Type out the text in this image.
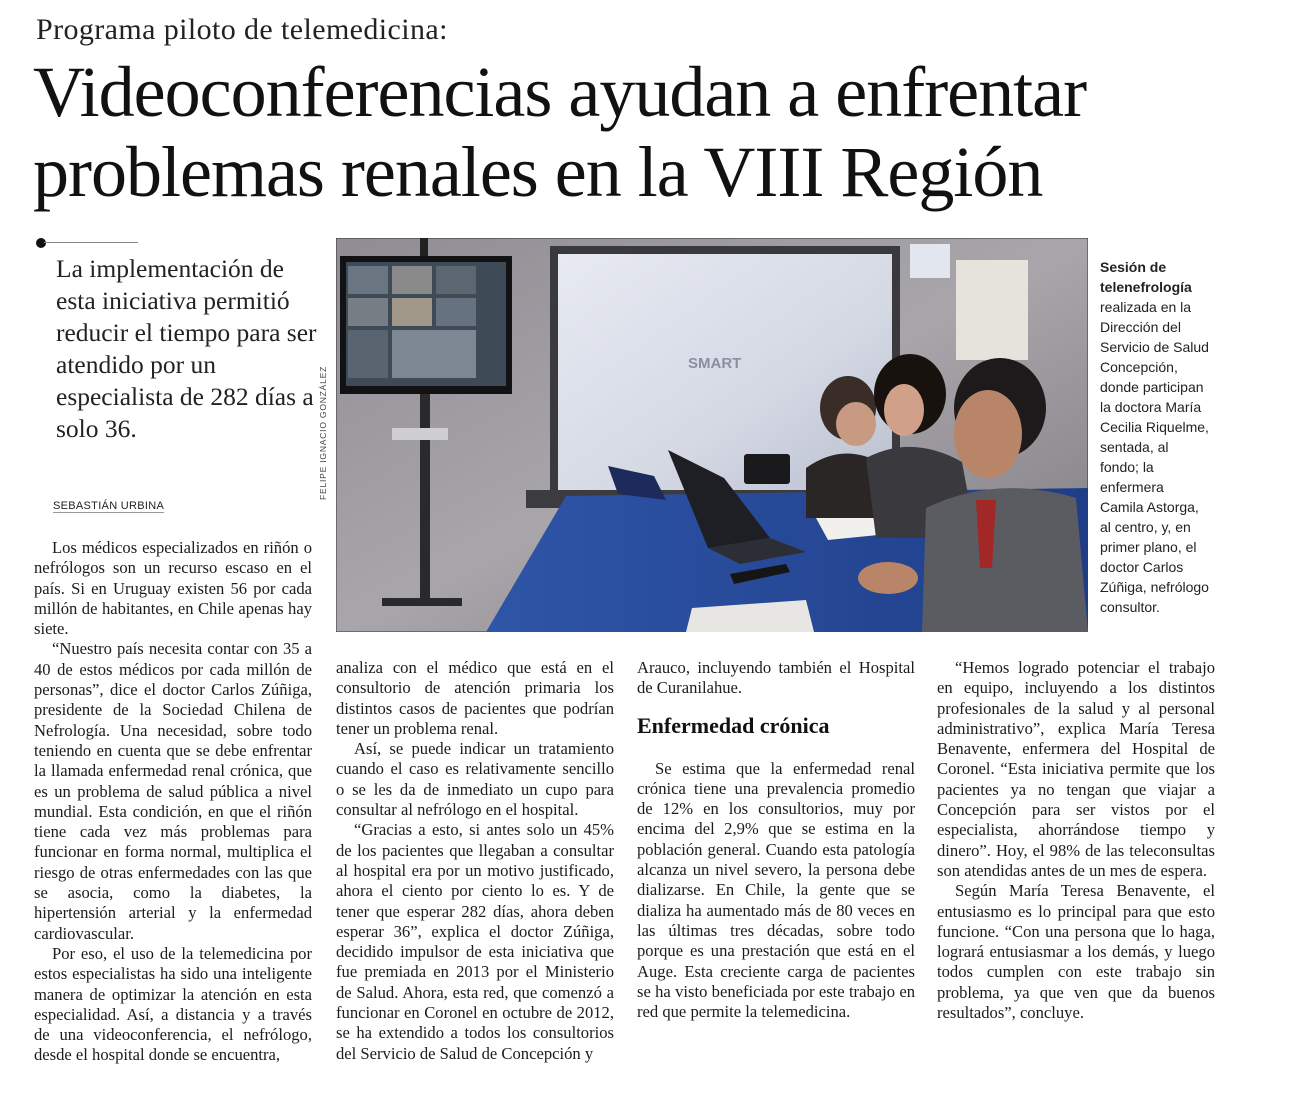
Programa piloto de telemedicina:
Videoconferencias ayudan a enfrentar
problemas renales en la VIII Región
La implementación de esta iniciativa permitió reducir el tiempo para ser atendido por un especialista de 282 días a solo 36.
SEBASTIÁN URBINA
FELIPE IGNACIO GONZÁLEZ
SMART
Sesión de telenefrología realizada en la Dirección del Servicio de Salud Concepción, donde participan la doctora María Cecilia Riquelme, sentada, al fondo; la enfermera Camila Astorga, al centro, y, en primer plano, el doctor Carlos Zúñiga, nefrólogo consultor.

Los médicos especializados en riñón o nefrólogos son un recurso escaso en el país. Si en Uruguay existen 56 por cada millón de habitantes, en Chile apenas hay siete.

“Nuestro país necesita contar con 35 a 40 de estos médicos por cada millón de personas”, dice el doctor Carlos Zúñiga, presidente de la Sociedad Chilena de Nefrología. Una necesidad, sobre todo teniendo en cuenta que se debe enfrentar la llamada enfermedad renal crónica, que es un problema de salud pública a nivel mundial. Esta condición, en que el riñón tiene cada vez más problemas para funcionar en forma normal, multiplica el riesgo de otras enfermedades con las que se asocia, como la diabetes, la hipertensión arterial y la enfermedad cardiovascular.

Por eso, el uso de la telemedicina por estos especialistas ha sido una inteligente manera de optimizar la atención en esta especialidad. Así, a distancia y a través de una videoconferencia, el nefrólogo, desde el hospital donde se encuentra,

analiza con el médico que está en el consultorio de atención primaria los distintos casos de pacientes que podrían tener un problema renal.

Así, se puede indicar un tratamiento cuando el caso es relativamente sencillo o se les da de inmediato un cupo para consultar al nefrólogo en el hospital.

“Gracias a esto, si antes solo un 45% de los pacientes que llegaban a consultar al hospital era por un motivo justificado, ahora el ciento por ciento lo es. Y de tener que esperar 282 días, ahora deben esperar 36”, explica el doctor Zúñiga, decidido impulsor de esta iniciativa que fue premiada en 2013 por el Ministerio de Salud. Ahora, esta red, que comenzó a funcionar en Coronel en octubre de 2012, se ha extendido a todos los consultorios del Servicio de Salud de Concepción y

Arauco, incluyendo también el Hospital de Curanilahue.

Enfermedad crónica

Se estima que la enfermedad renal crónica tiene una prevalencia promedio de 12% en los consultorios, muy por encima del 2,9% que se estima en la población general. Cuando esta patología alcanza un nivel severo, la persona debe dializarse. En Chile, la gente que se dializa ha aumentado más de 80 veces en las últimas tres décadas, sobre todo porque es una prestación que está en el Auge. Esta creciente carga de pacientes se ha visto beneficiada por este trabajo en red que permite la telemedicina.

“Hemos logrado potenciar el trabajo en equipo, incluyendo a los distintos profesionales de la salud y al personal administrativo”, explica María Teresa Benavente, enfermera del Hospital de Coronel. “Esta iniciativa permite que los pacientes ya no tengan que viajar a Concepción para ser vistos por el especialista, ahorrándose tiempo y dinero”. Hoy, el 98% de las teleconsultas son atendidas antes de un mes de espera.

Según María Teresa Benavente, el entusiasmo es lo principal para que esto funcione. “Con una persona que lo haga, logrará entusiasmar a los demás, y luego todos cumplen con este trabajo sin problema, ya que ven que da buenos resultados”, concluye.
